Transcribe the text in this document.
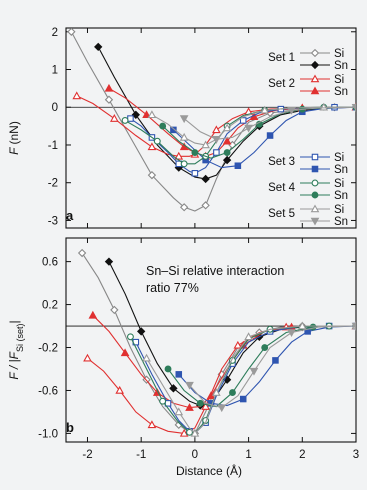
F(nN)
-3
-2
-1
0
1
2
Set 1	Si
Sn
Set 2	Si
Sn
Set 3	Si
Sn
Set 4	Si
Sn
Set 5	Si
Sn
a
F / $|F_{Si (set)}|$
-1.0
-0.6
-0.2
0.2
0.6
-2	-1	0	1	2	3
Sn–Si relative interaction
ratio 77%
b
Distance (Å)
